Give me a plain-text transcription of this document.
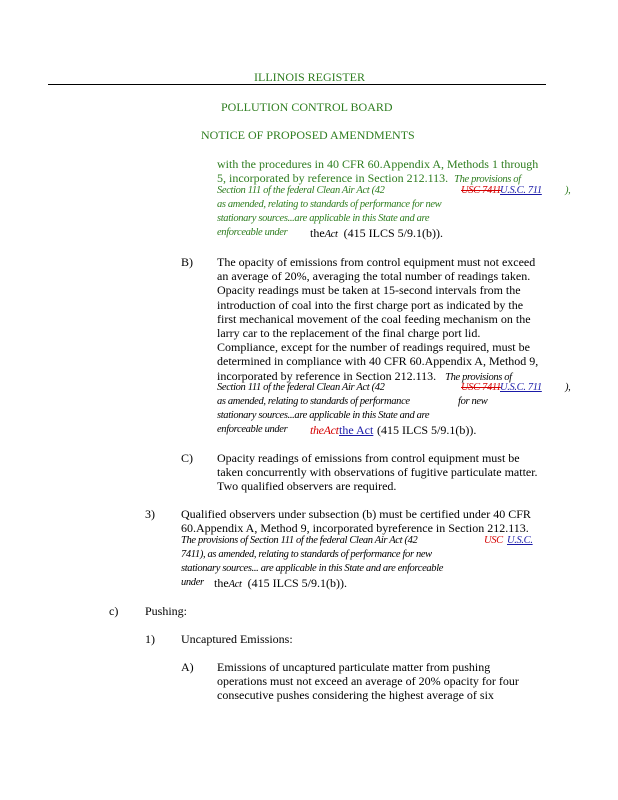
ILLINOIS REGISTER
POLLUTION CONTROL BOARD
NOTICE OF PROPOSED AMENDMENTS
with the procedures in 40 CFR 60.Appendix A, Methods 1 through
5, incorporated by reference in Section 212.113. The provisions of
Section 111 of the federal Clean Air Act (42	USC 7411 U.S.C. 711 ),
as amended, relating to standards of performance for new
stationary sources...are applicable in this State and are
enforceable under theAct (415 ILCS 5/9.1(b)).
B) The opacity of emissions from control equipment must not exceed
an average of 20%, averaging the total number of readings taken.
Opacity readings must be taken at 15-second intervals from the
introduction of coal into the first charge port as indicated by the
first mechanical movement of the coal feeding mechanism on the
larry car to the replacement of the final charge port lid.
Compliance, except for the number of readings required, must be
determined in compliance with 40 CFR 60.Appendix A, Method 9,
incorporated by reference in Section 212.113. The provisions of
Section 111 of the federal Clean Air Act (42	USC 7411 U.S.C. 711 ),
as amended, relating to standards of performance	for new
stationary sources...are applicable in this State and are
enforceable under theAct the Act (415 ILCS 5/9.1(b)).
C) Opacity readings of emissions from control equipment must be
taken concurrently with observations of fugitive particulate matter.
Two qualified observers are required.
3) Qualified observers under subsection (b) must be certified under 40 CFR
60.Appendix A, Method 9, incorporated byreference in Section 212.113.
The provisions of Section 111 of the federal Clean Air Act (42	USC U.S.C.
7411), as amended, relating to standards of performance for new
stationary sources... are applicable in this State and are enforceable
under theAct (415 ILCS 5/9.1(b)).
c) Pushing:
1) Uncaptured Emissions:
A) Emissions of uncaptured particulate matter from pushing
operations must not exceed an average of 20% opacity for four
consecutive pushes considering the highest average of six
